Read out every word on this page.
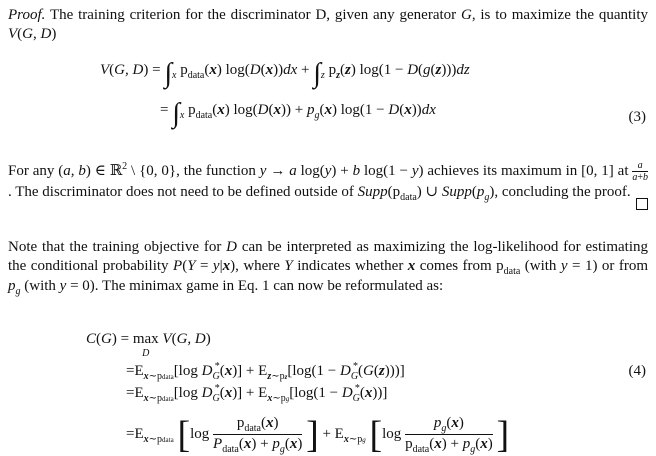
Proof. The training criterion for the discriminator D, given any generator G, is to maximize the quantity V(G, D)
V(G, $D) = \int_x$ $p_{data}(x) \log(D(x))dx + \int_z$ $p_z(z) \log(1 - D(g(z)))dz$
= $\int_x$ $p_{data}(x) \log(D(x)) + p_g(x) \log(1 - D(x))dx$	(3)
For any (a, b) ∈ ℝ$^2$ \ {0, 0}, the function y → a log(y) + b log(1 − y) achieves its maximum in [0, 1] at $\frac{a}{a+b}$
. The discriminator does not need to be defined outside of $Supp(p_{data})$ ∪ $Supp(p_g)$, concluding the proof.
Note that the training objective for D can be interpreted as maximizing the log-likelihood for estimating the conditional probability P(Y = y|x), where Y indicates whether x comes from $p_{data}$ (with y = 1) or from $p_g$ (with y = 0). The minimax game in Eq. 1 can now be reformulated as:
C(G) = max
$^D$ V(G, D)
$=E_{x\sim pdata}[\log$ $D_G^*(x)] + E_{z\sim pz}[\log(1 - D_G^*(G(z)))]$
$=E_{x\sim pdata}[\log$ $D_G^*(x)] + E_{x\sim pg}[\log(1 - D_G^*(x))]$
$=E_{x\sim pdata}$ [$\log \frac{p_{data}(x)}{P_{data}(x) + p_g(x)}$ ] + $E_{x\sim pg}$ [$\log \frac{p_g(x)}{p_{data}(x) + p_g(x)}$ ]
(4)
